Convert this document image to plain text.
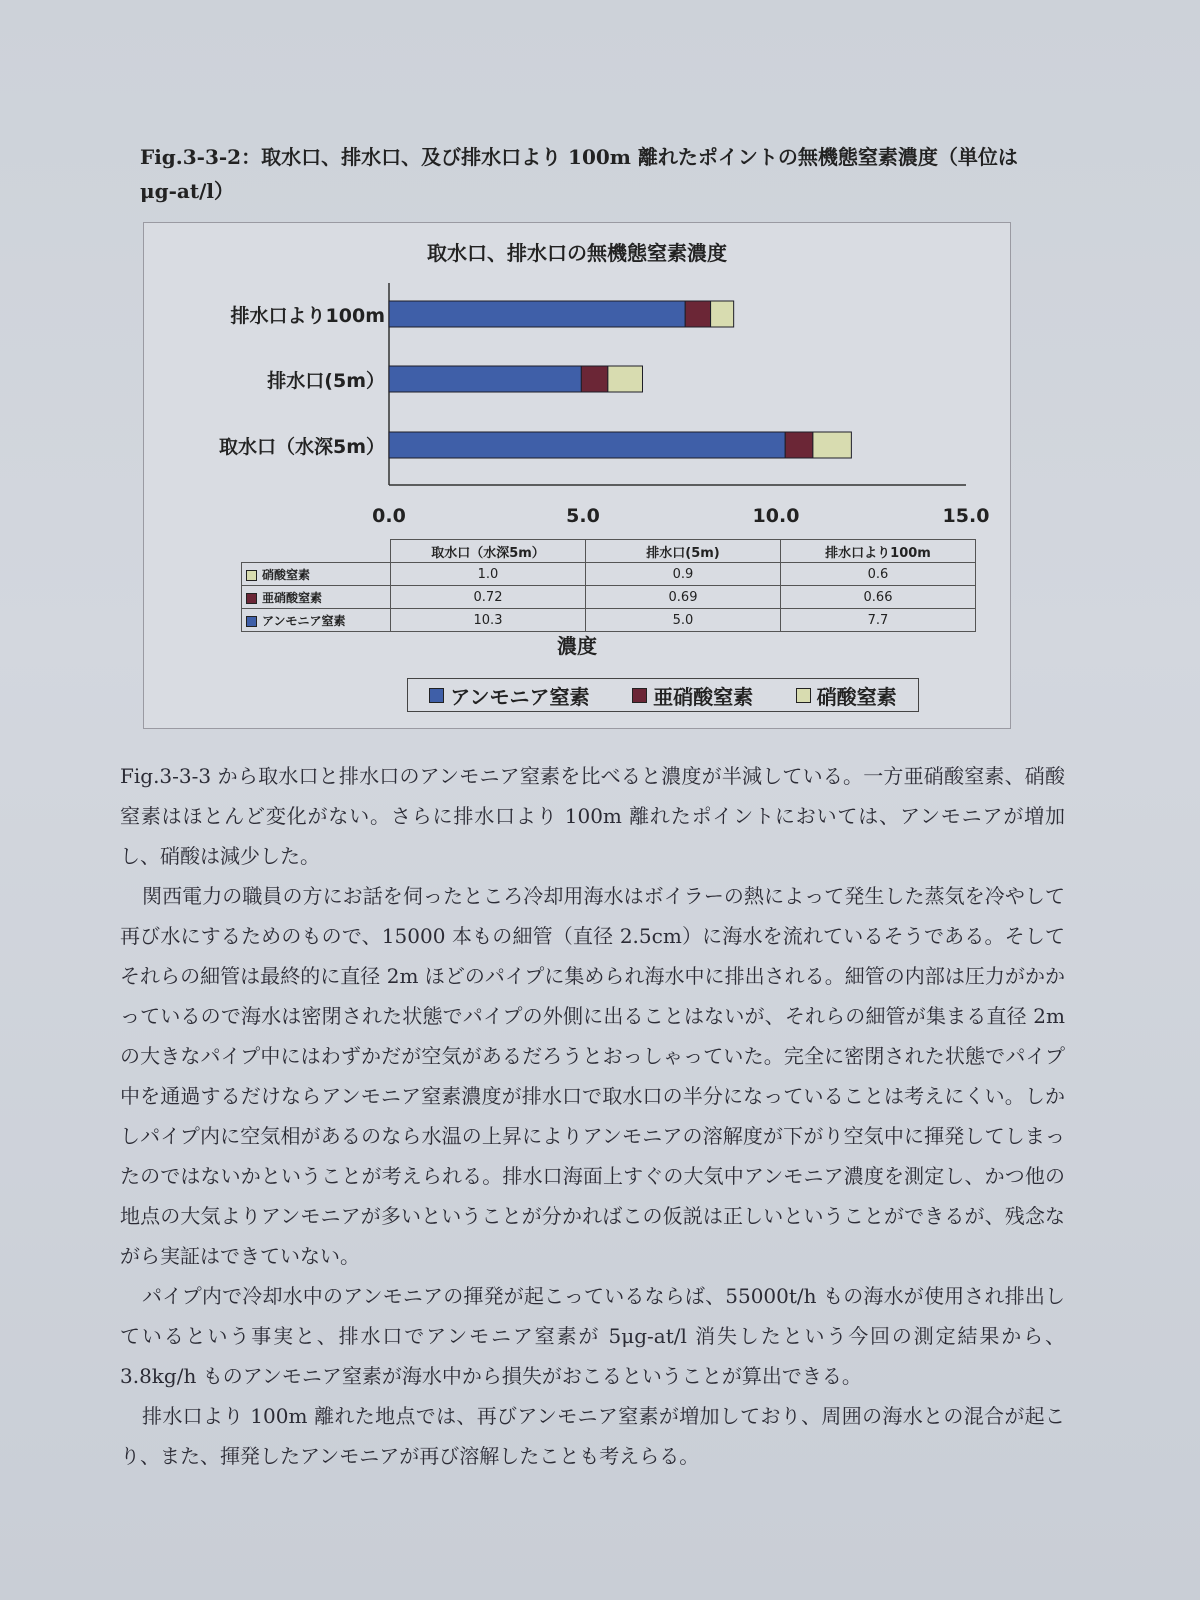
Fig.3-3-2：取水口、排水口、及び排水口より 100m 離れたポイントの無機態窒素濃度（単位はμg-at/l）
取水口、排水口の無機態窒素濃度
排水口より100m
排水口(5m）
取水口（水深5m）
0.0	5.0	10.0	15.0
	取水口（水深5m）	排水口(5m)	排水口より100m
硝酸窒素	1.0	0.9	0.6
亜硝酸窒素	0.72	0.69	0.66
アンモニア窒素	10.3	5.0	7.7
濃度
アンモニア窒素	亜硝酸窒素	硝酸窒素

Fig.3-3-3 から取水口と排水口のアンモニア窒素を比べると濃度が半減している。一方亜硝酸窒素、硝酸窒素はほとんど変化がない。さらに排水口より 100m 離れたポイントにおいては、アンモニアが増加し、硝酸は減少した。

関西電力の職員の方にお話を伺ったところ冷却用海水はボイラーの熱によって発生した蒸気を冷やして再び水にするためのもので、15000 本もの細管（直径 2.5cm）に海水を流れているそうである。そしてそれらの細管は最終的に直径 2m ほどのパイプに集められ海水中に排出される。細管の内部は圧力がかかっているので海水は密閉された状態でパイプの外側に出ることはないが、それらの細管が集まる直径 2m の大きなパイプ中にはわずかだが空気があるだろうとおっしゃっていた。完全に密閉された状態でパイプ中を通過するだけならアンモニア窒素濃度が排水口で取水口の半分になっていることは考えにくい。しかしパイプ内に空気相があるのなら水温の上昇によりアンモニアの溶解度が下がり空気中に揮発してしまったのではないかということが考えられる。排水口海面上すぐの大気中アンモニア濃度を測定し、かつ他の地点の大気よりアンモニアが多いということが分かればこの仮説は正しいということができるが、残念ながら実証はできていない。

パイプ内で冷却水中のアンモニアの揮発が起こっているならば、55000t/h もの海水が使用され排出しているという事実と、排水口でアンモニア窒素が 5μg-at/l 消失したという今回の測定結果から、3.8kg/h ものアンモニア窒素が海水中から損失がおこるということが算出できる。

排水口より 100m 離れた地点では、再びアンモニア窒素が増加しており、周囲の海水との混合が起こり、また、揮発したアンモニアが再び溶解したことも考えらる。
